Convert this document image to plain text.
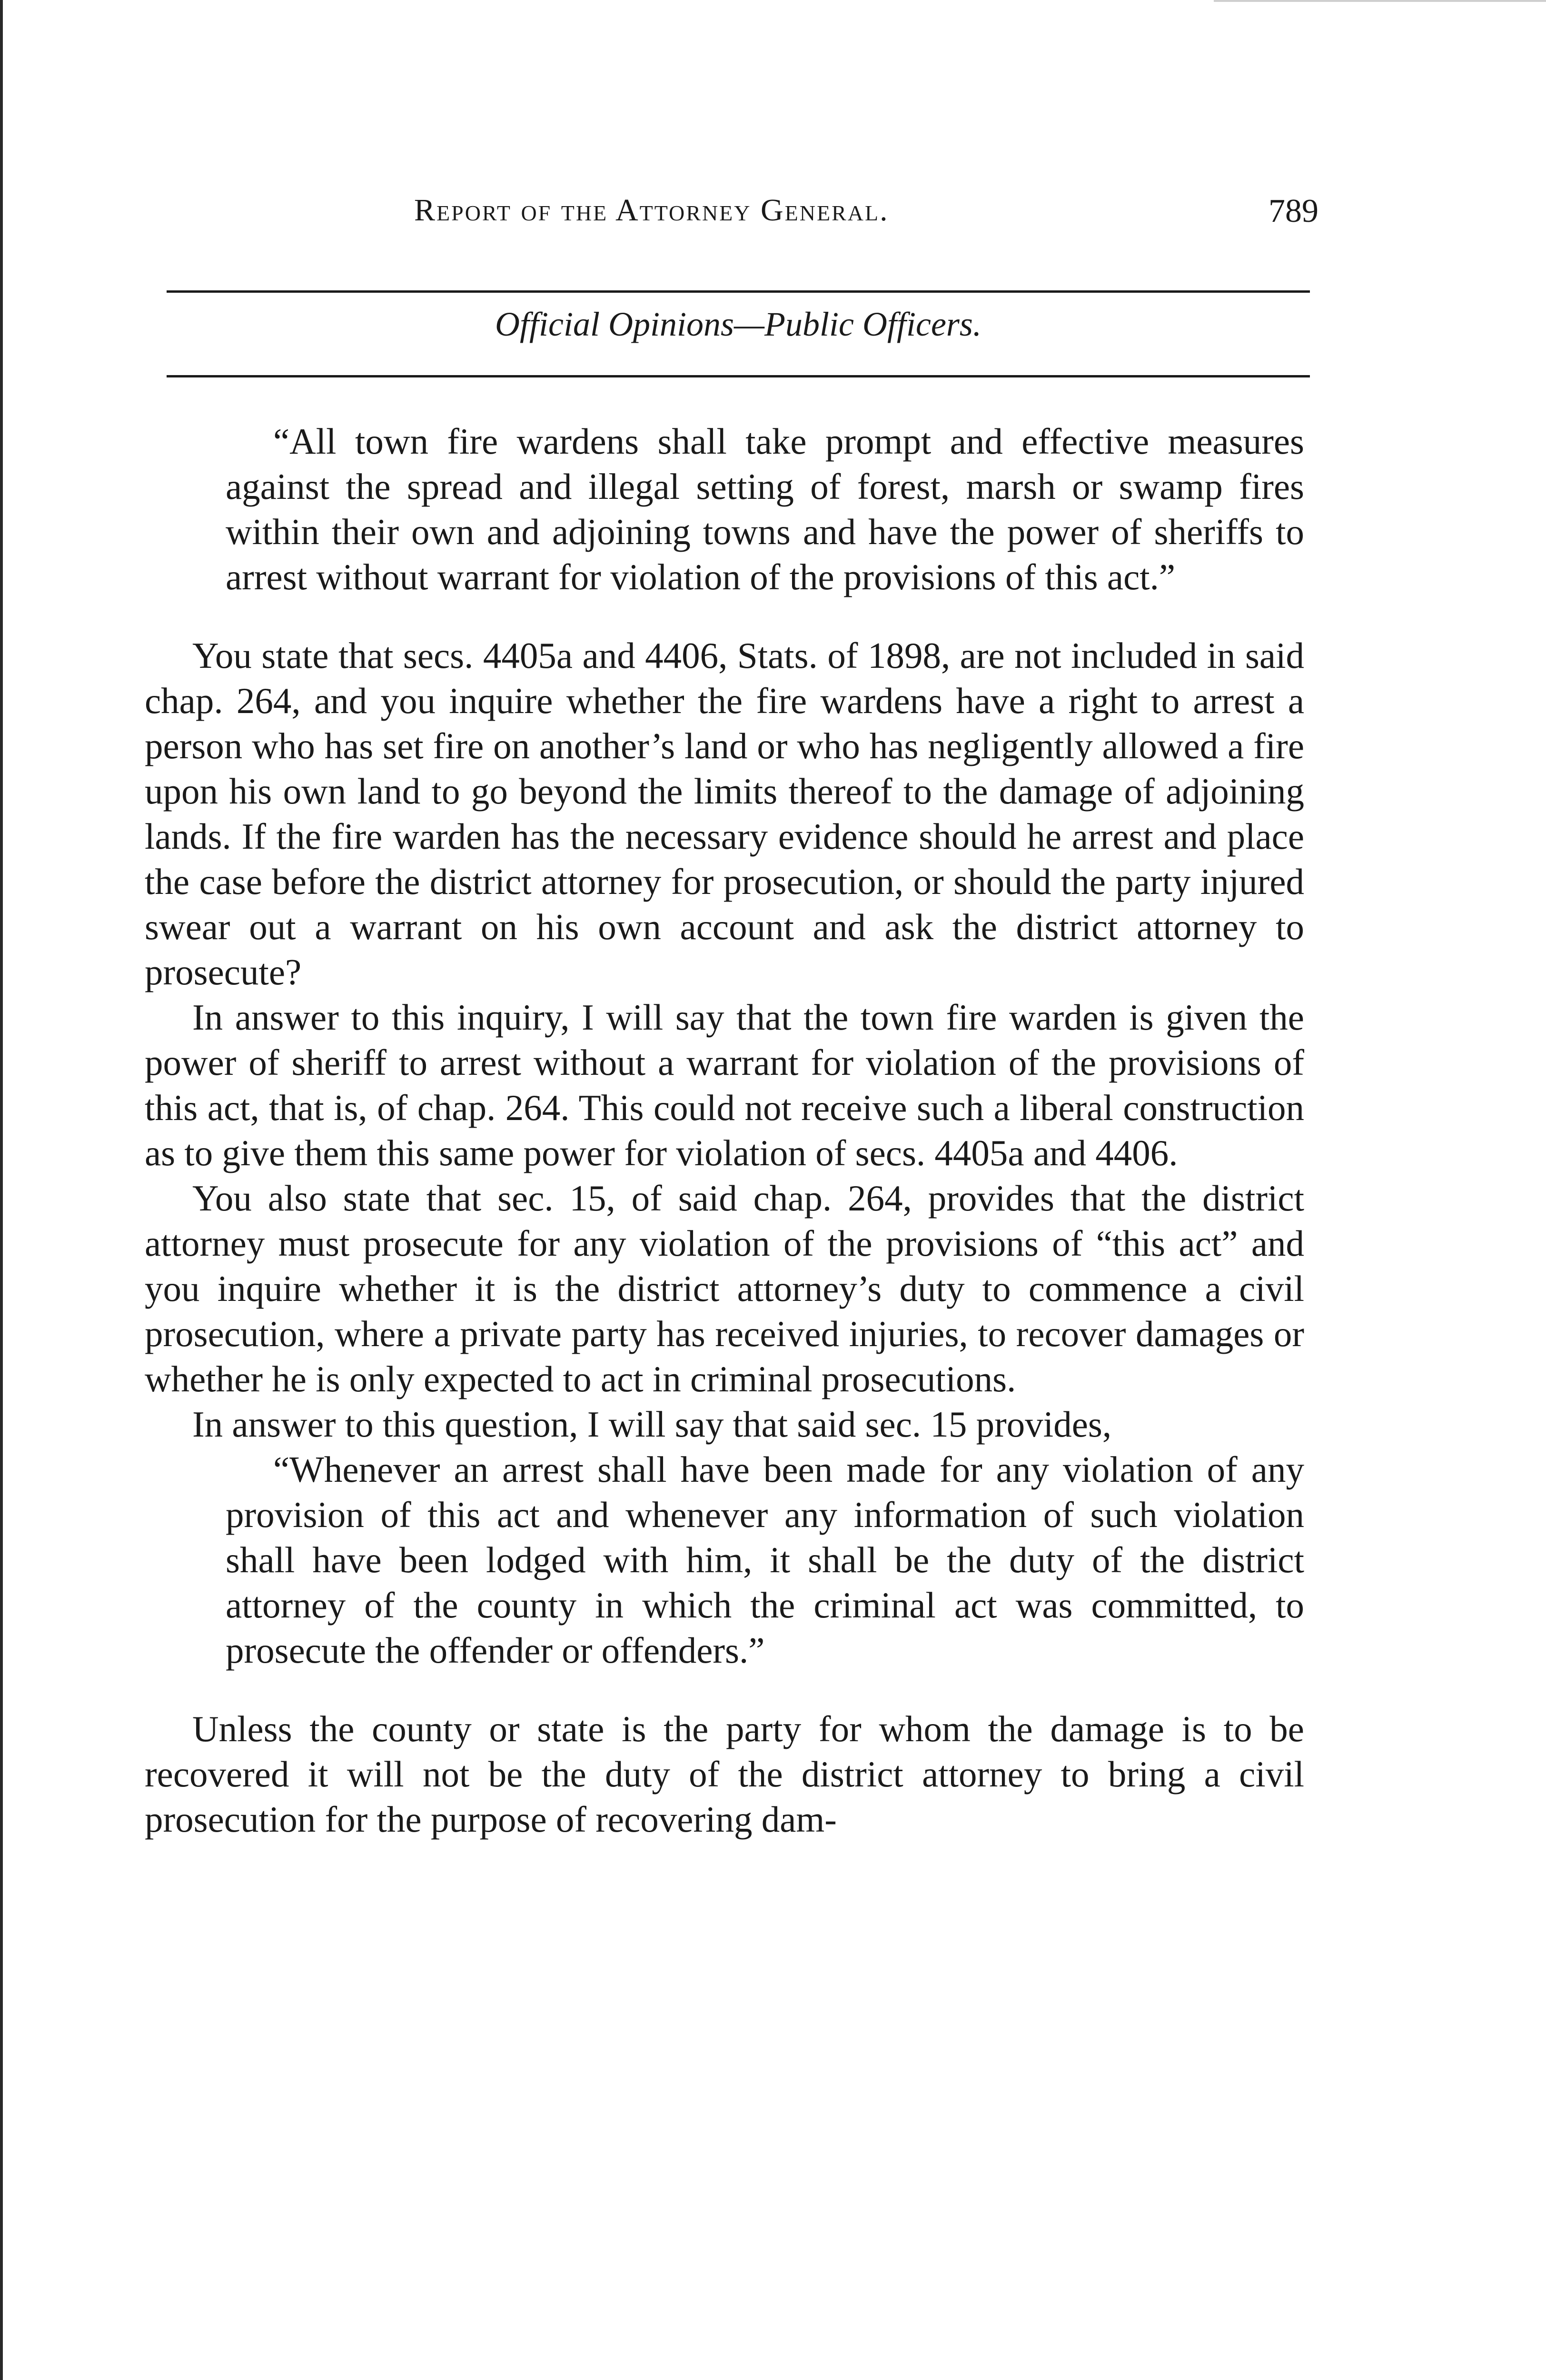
Report of the Attorney General.	789
Official Opinions—Public Officers.

“All town fire wardens shall take prompt and effective measures against the spread and illegal setting of forest, marsh or swamp fires within their own and adjoining towns and have the power of sheriffs to arrest without warrant for violation of the provisions of this act.”

You state that secs. 4405a and 4406, Stats. of 1898, are not included in said chap. 264, and you inquire whether the fire wardens have a right to arrest a person who has set fire on another’s land or who has negligently allowed a fire upon his own land to go beyond the limits thereof to the damage of adjoining lands. If the fire warden has the necessary evidence should he arrest and place the case before the district attorney for prosecution, or should the party injured swear out a warrant on his own account and ask the district attorney to prosecute?

In answer to this inquiry, I will say that the town fire warden is given the power of sheriff to arrest without a warrant for violation of the provisions of this act, that is, of chap. 264. This could not receive such a liberal construction as to give them this same power for violation of secs. 4405a and 4406.

You also state that sec. 15, of said chap. 264, provides that the district attorney must prosecute for any violation of the provisions of “this act” and you inquire whether it is the district attorney’s duty to commence a civil prosecution, where a private party has received injuries, to recover damages or whether he is only expected to act in criminal prosecutions.

In answer to this question, I will say that said sec. 15 provides,

“Whenever an arrest shall have been made for any violation of any provision of this act and whenever any information of such violation shall have been lodged with him, it shall be the duty of the district attorney of the county in which the criminal act was committed, to prosecute the offender or offenders.”

Unless the county or state is the party for whom the damage is to be recovered it will not be the duty of the district attorney to bring a civil prosecution for the purpose of recovering dam-
